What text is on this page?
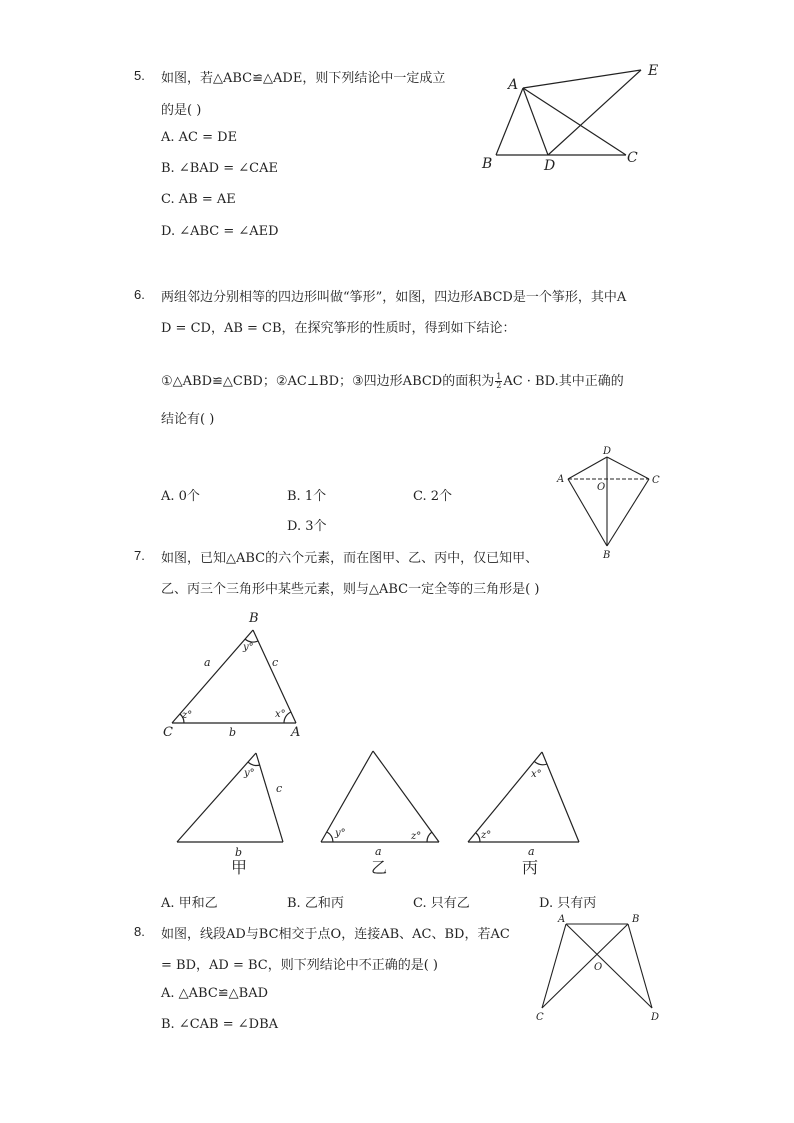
5. 如图，若△ABC≌△ADE，则下列结论中一定成立
的是( )
A. AC = DE
B. ∠BAD = ∠CAE
C. AB = AE
D. ∠ABC = ∠AED
A
B	D	C
E
6. 两组邻边分别相等的四边形叫做“筝形”，如图，四边形ABCD是一个筝形，其中A
D = CD，AB = CB，在探究筝形的性质时，得到如下结论：
①△ABD≌△CBD；②AC⊥BD；③四边形ABCD的面积为 $\frac{1}{2}$ AC · BD.其中正确的
结论有( )
A. 0个	B. 1个	C. 2个
D. 3个
D
A	C
O
B
7. 如图，已知△ABC的六个元素，而在图甲、乙、丙中，仅已知甲、
乙、丙三个三角形中某些元素，则与△ABC一定全等的三角形是( )
B
C	A
a	c
b
y°
z°	x°
y°
c
b
甲
y°	z°
a
乙
x°
z°
a
丙
A. 甲和乙	B. 乙和丙	C. 只有乙	D. 只有丙
8. 如图，线段AD与BC相交于点O，连接AB、AC、BD，若AC
= BD，AD = BC，则下列结论中不正确的是( )
A. △ABC≌△BAD
B. ∠CAB = ∠DBA
A	B
O
C	D
